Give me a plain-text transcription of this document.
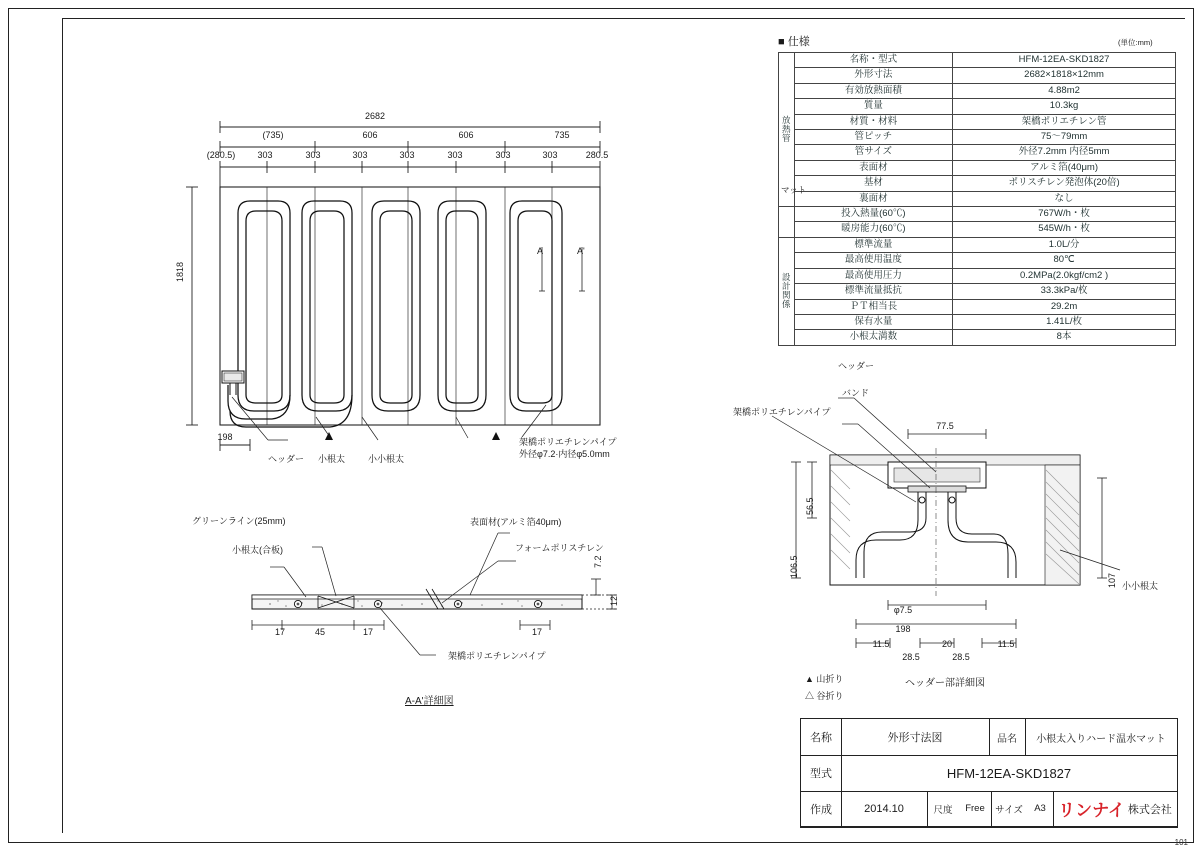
■ 仕様	(単位:mm)
放熱管	名称・型式	HFM-12EA-SKD1827
	外形寸法	2682×1818×12mm
	有効放熱面積	4.88m2
	質量	10.3kg
	材質・材料	架橋ポリエチレン管
	管ピッチ	75～79mm
	管サイズ	外径7.2mm 内径5mm
	表面材	アルミ箔(40μm)
	基材	ポリスチレン発泡体(20倍)
	裏面材	なし
	投入熱量(60℃)	767W/h・枚
	暖房能力(60℃)	545W/h・枚

設計関係	標準流量	1.0L/分
	最高使用温度	80℃
	最高使用圧力	0.2MPa(2.0kgf/cm2 )
	標準流量抵抗	33.3kPa/枚
	ＰＴ相当長	29.2m
	保有水量	1.41L/枚
	小根太満数	8本
マット
2682
(735)	606	606	735
(280.5)	303	303	303	303	303	303	303	280.5
1818
198
A	A'
ヘッダー 小根太	小小根太
架橋ポリエチレンパイプ
外径φ7.2·内径φ5.0mm
グリーンライン(25mm)
小根太(合板)
表面材(アルミ箔40μm)
フォームポリスチレン
架橋ポリエチレンパイプ
17	45	17	17
7.2
12
A-A'詳細図
ヘッダー
バンド
架橋ポリエチレンパイプ
小小根太
77.5
56.5
106.5
107
φ7.5
198
11.5	20	11.5
28.5	28.5
ヘッダー部詳細図
▲ 山折り
△ 谷折り
名称	外形寸法図	品名	小根太入りハード温水マット
型式	HFM-12EA-SKD1827
作成	2014.10	尺度	Free	サイズ	A3 リンナイ 株式会社
101
